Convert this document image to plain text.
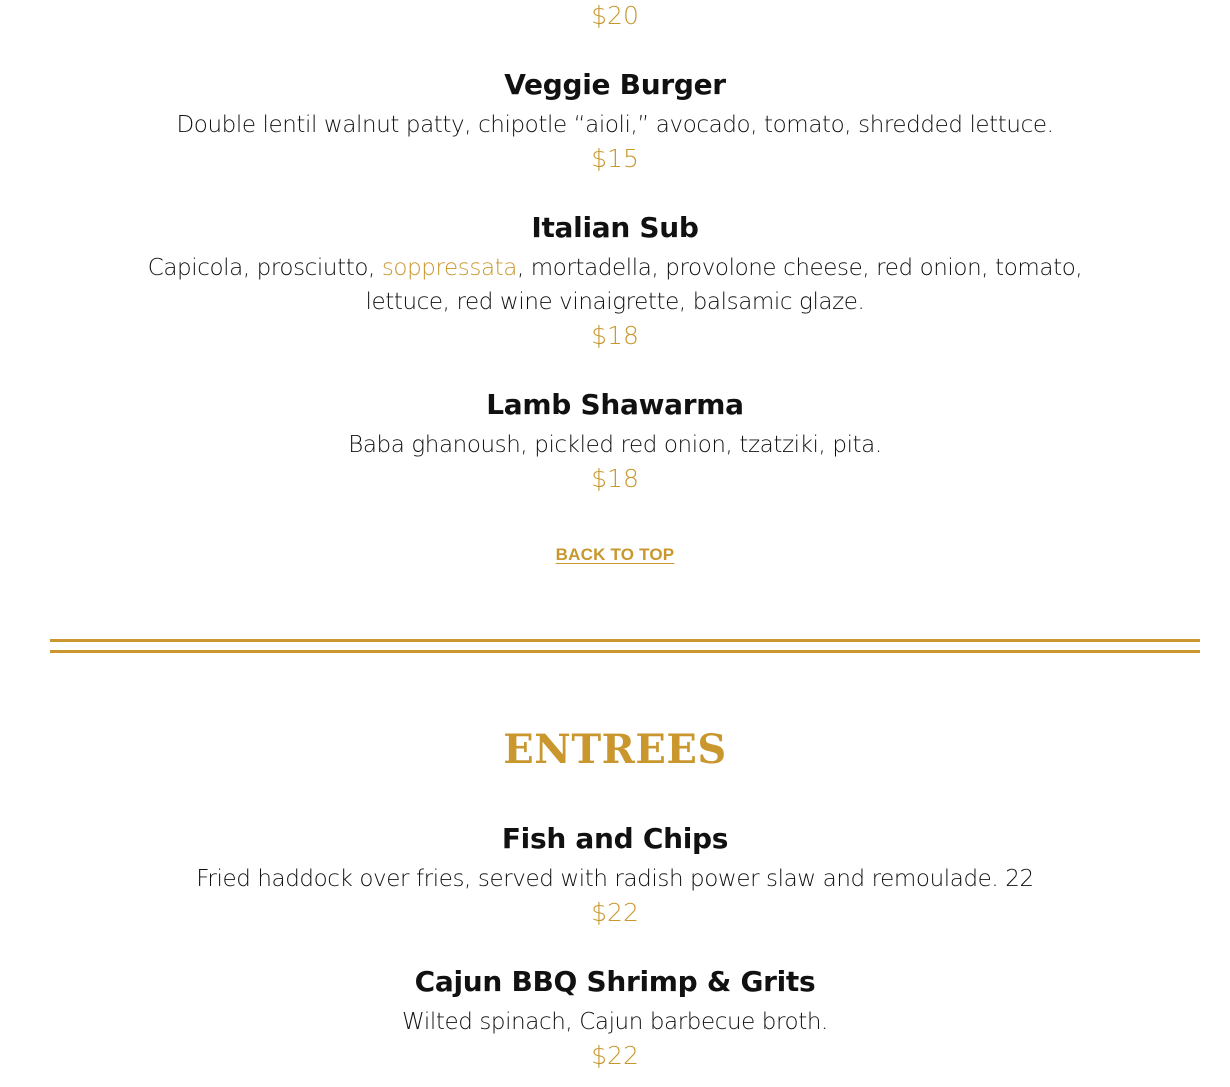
$20
Veggie Burger
Double lentil walnut patty, chipotle “aioli,” avocado, tomato, shredded lettuce.
$15
Italian Sub
Capicola, prosciutto, soppressata, mortadella, provolone cheese, red onion, tomato,
lettuce, red wine vinaigrette, balsamic glaze.
$18
Lamb Shawarma
Baba ghanoush, pickled red onion, tzatziki, pita.
$18
BACK TO TOP
ENTREES
Fish and Chips
Fried haddock over fries, served with radish power slaw and remoulade. 22
$22
Cajun BBQ Shrimp & Grits
Wilted spinach, Cajun barbecue broth.
$22
